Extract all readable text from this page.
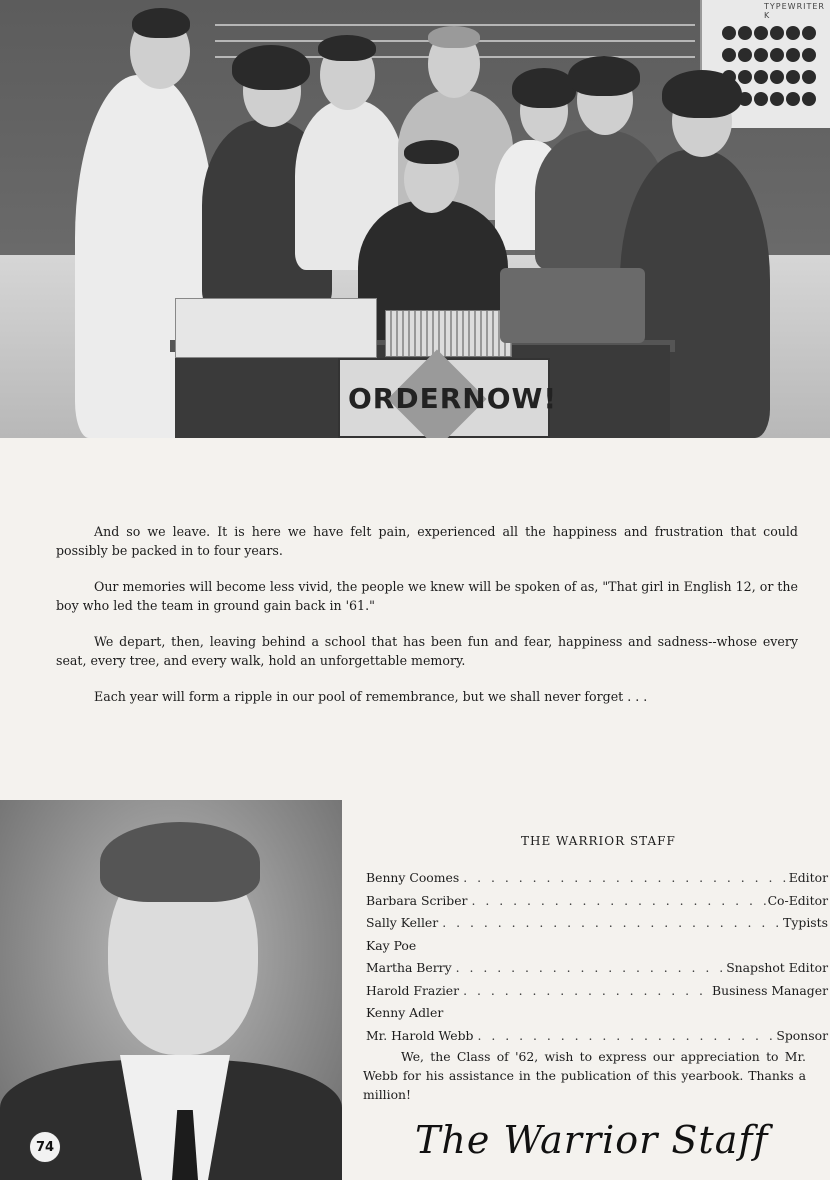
TYPEWRITER K
ORDER NOW!

And so we leave. It is here we have felt pain, experienced all the happiness and frustration that could possibly be packed in to four years.

Our memories will become less vivid, the people we knew will be spoken of as, "That girl in English 12, or the boy who led the team in ground gain back in '61."

We depart, then, leaving behind a school that has been fun and fear, happiness and sadness--whose every seat, every tree, and every walk, hold an unforgettable memory.

Each year will form a ripple in our pool of remembrance, but we shall never forget . . .

74
THE WARRIOR STAFF
Benny Coomes . . .	Editor
Barbara Scriber . . .	Co-Editor
Sally Keller . . .	Typists
Kay Poe
Martha Berry . . .	Snapshot Editor
Harold Frazier . . .	Business Manager
Kenny Adler
Mr. Harold Webb . . .	Sponsor

We, the Class of '62, wish to express our appreciation to Mr. Webb for his assistance in the publication of this yearbook. Thanks a million!

The Warrior Staff
